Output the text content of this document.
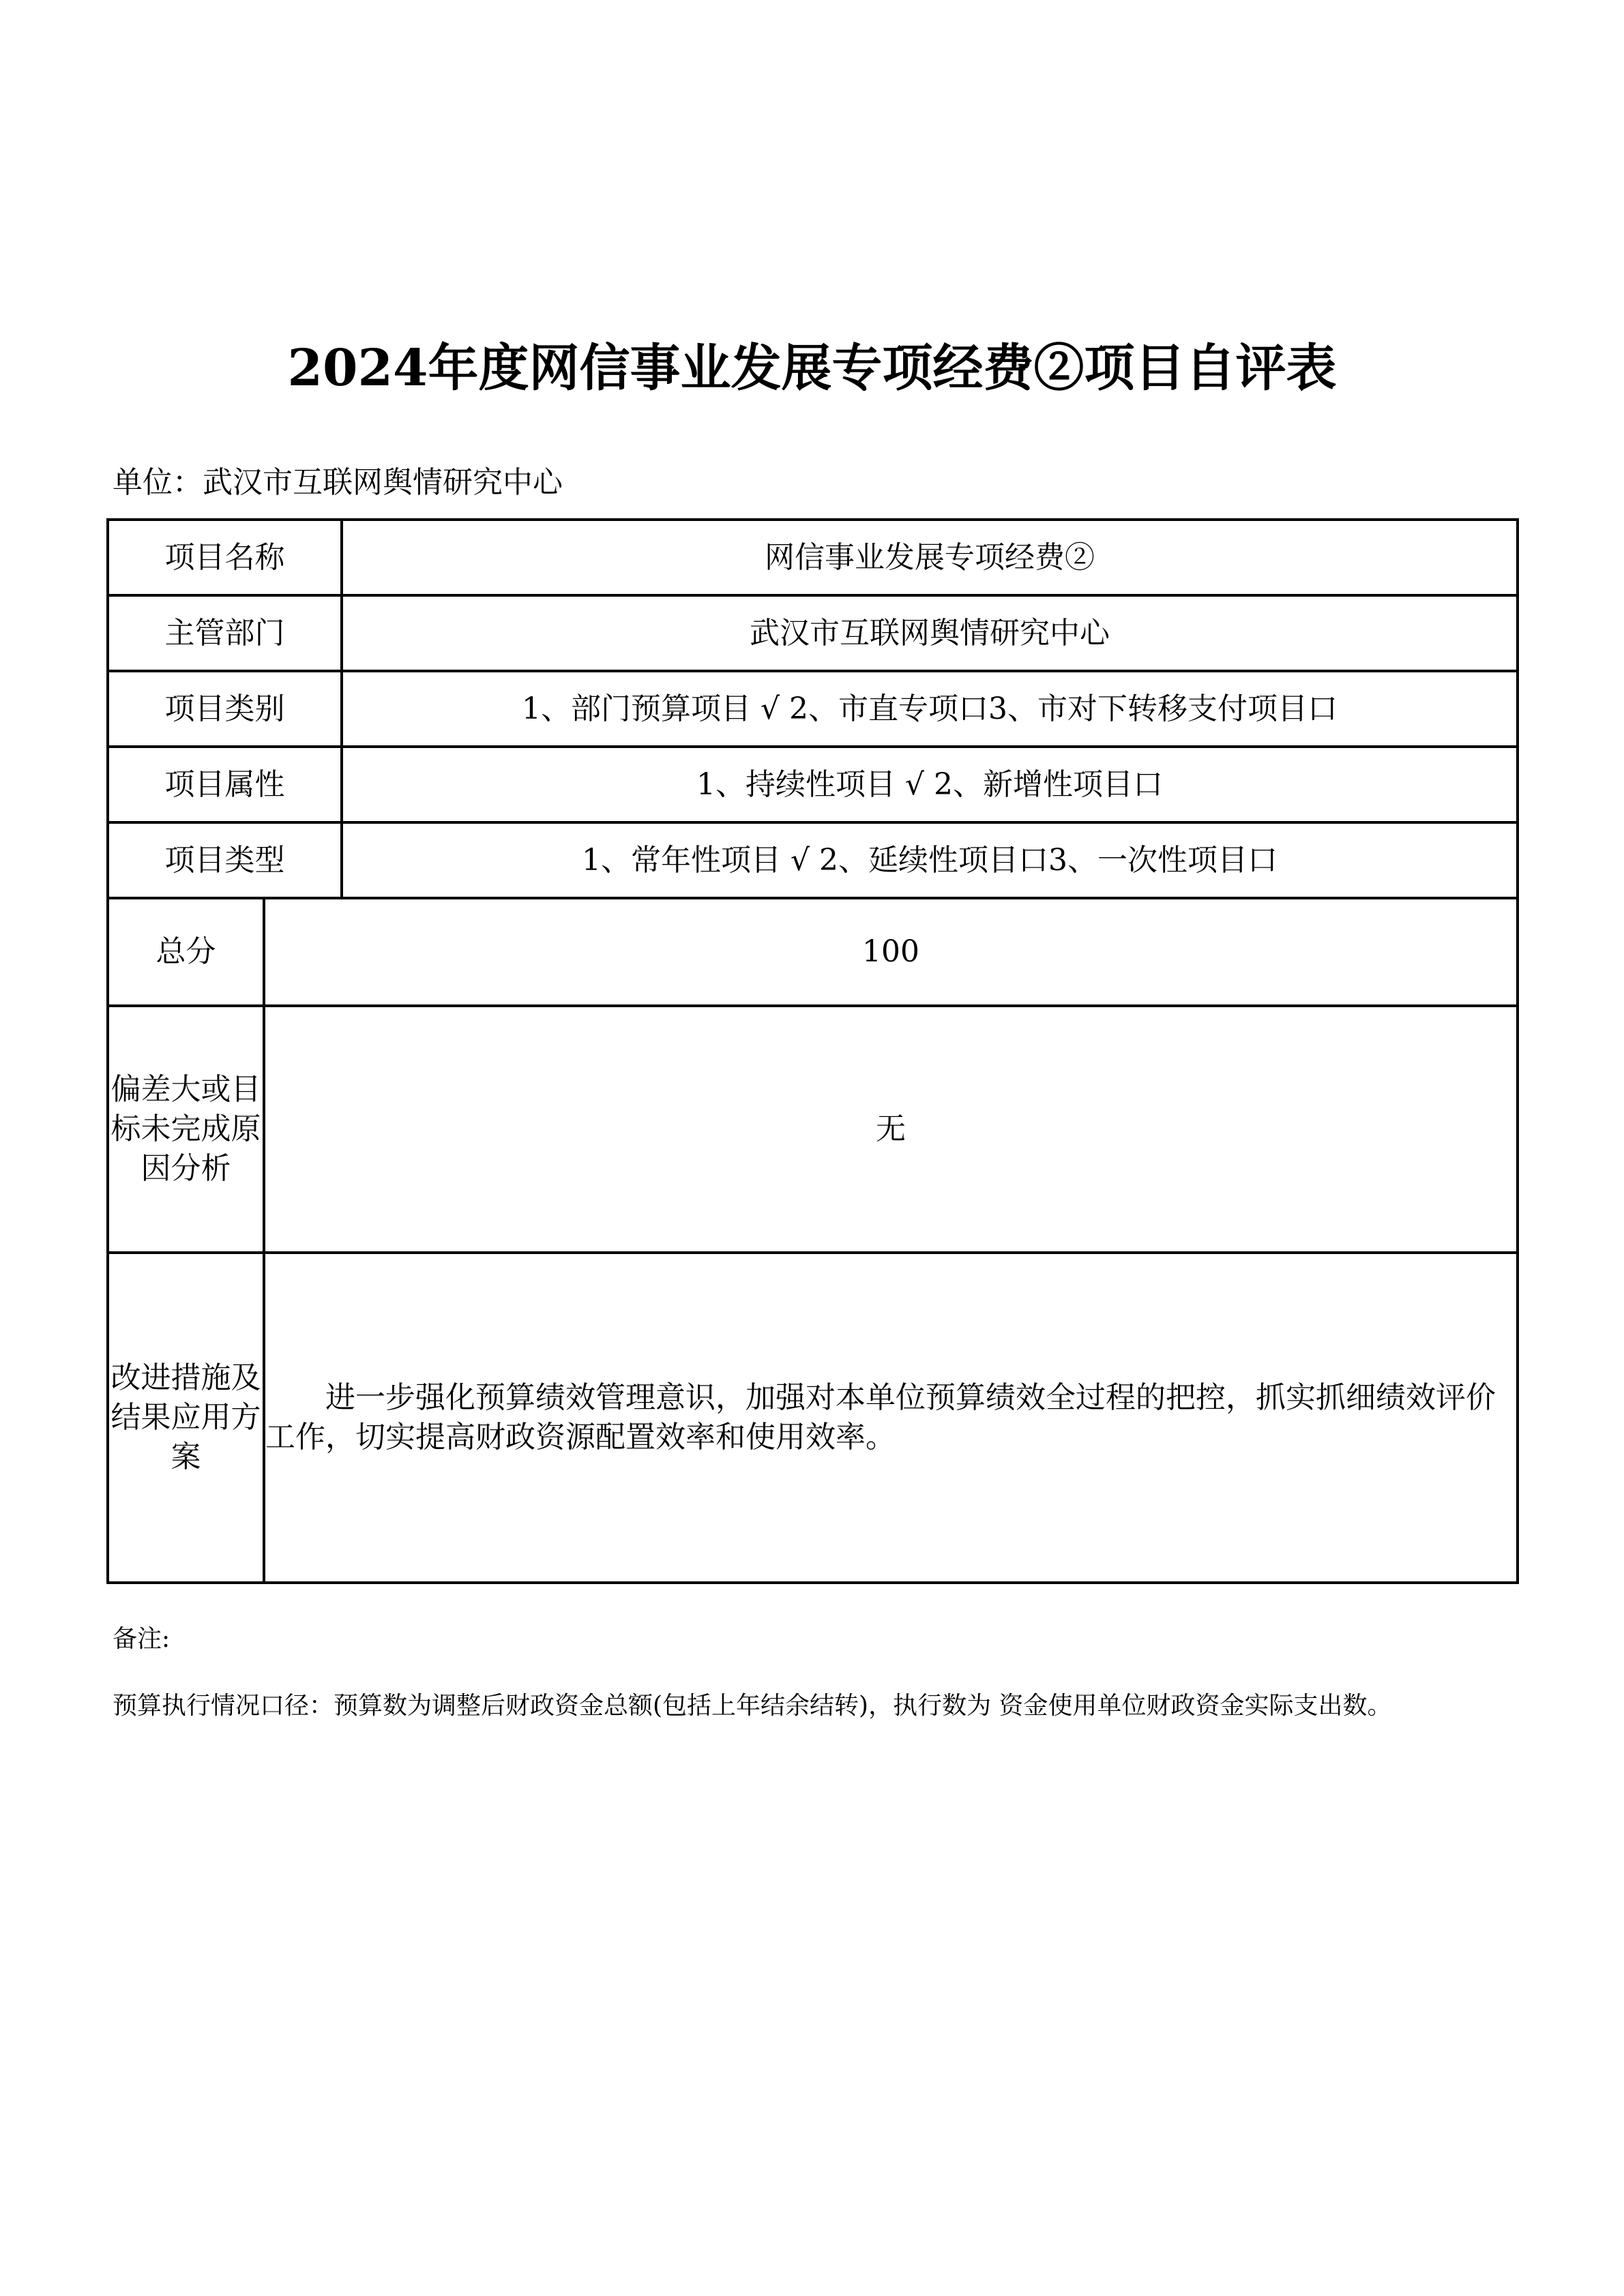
2024年度网信事业发展专项经费②项目自评表
单位：武汉市互联网舆情研究中心
项目名称		网信事业发展专项经费②
主管部门		武汉市互联网舆情研究中心
项目类别		1、部门预算项目 √ 2、市直专项口3、市对下转移支付项目口
项目属性		1、持续性项目 √ 2、新增性项目口
项目类型		1、常年性项目 √ 2、延续性项目口3、一次性项目口
总分	100	
偏差大或目标未完成原因分析	无	
改进措施及 结果应用方案	进一步强化预算绩效管理意识，加强对本单位预算绩效全过程的把控，抓实抓细绩效评价工作，切实提高财政资源配置效率和使用效率。	
备注:
预算执行情况口径：预算数为调整后财政资金总额(包括上年结余结转)，执行数为 资金使用单位财政资金实际支出数。
